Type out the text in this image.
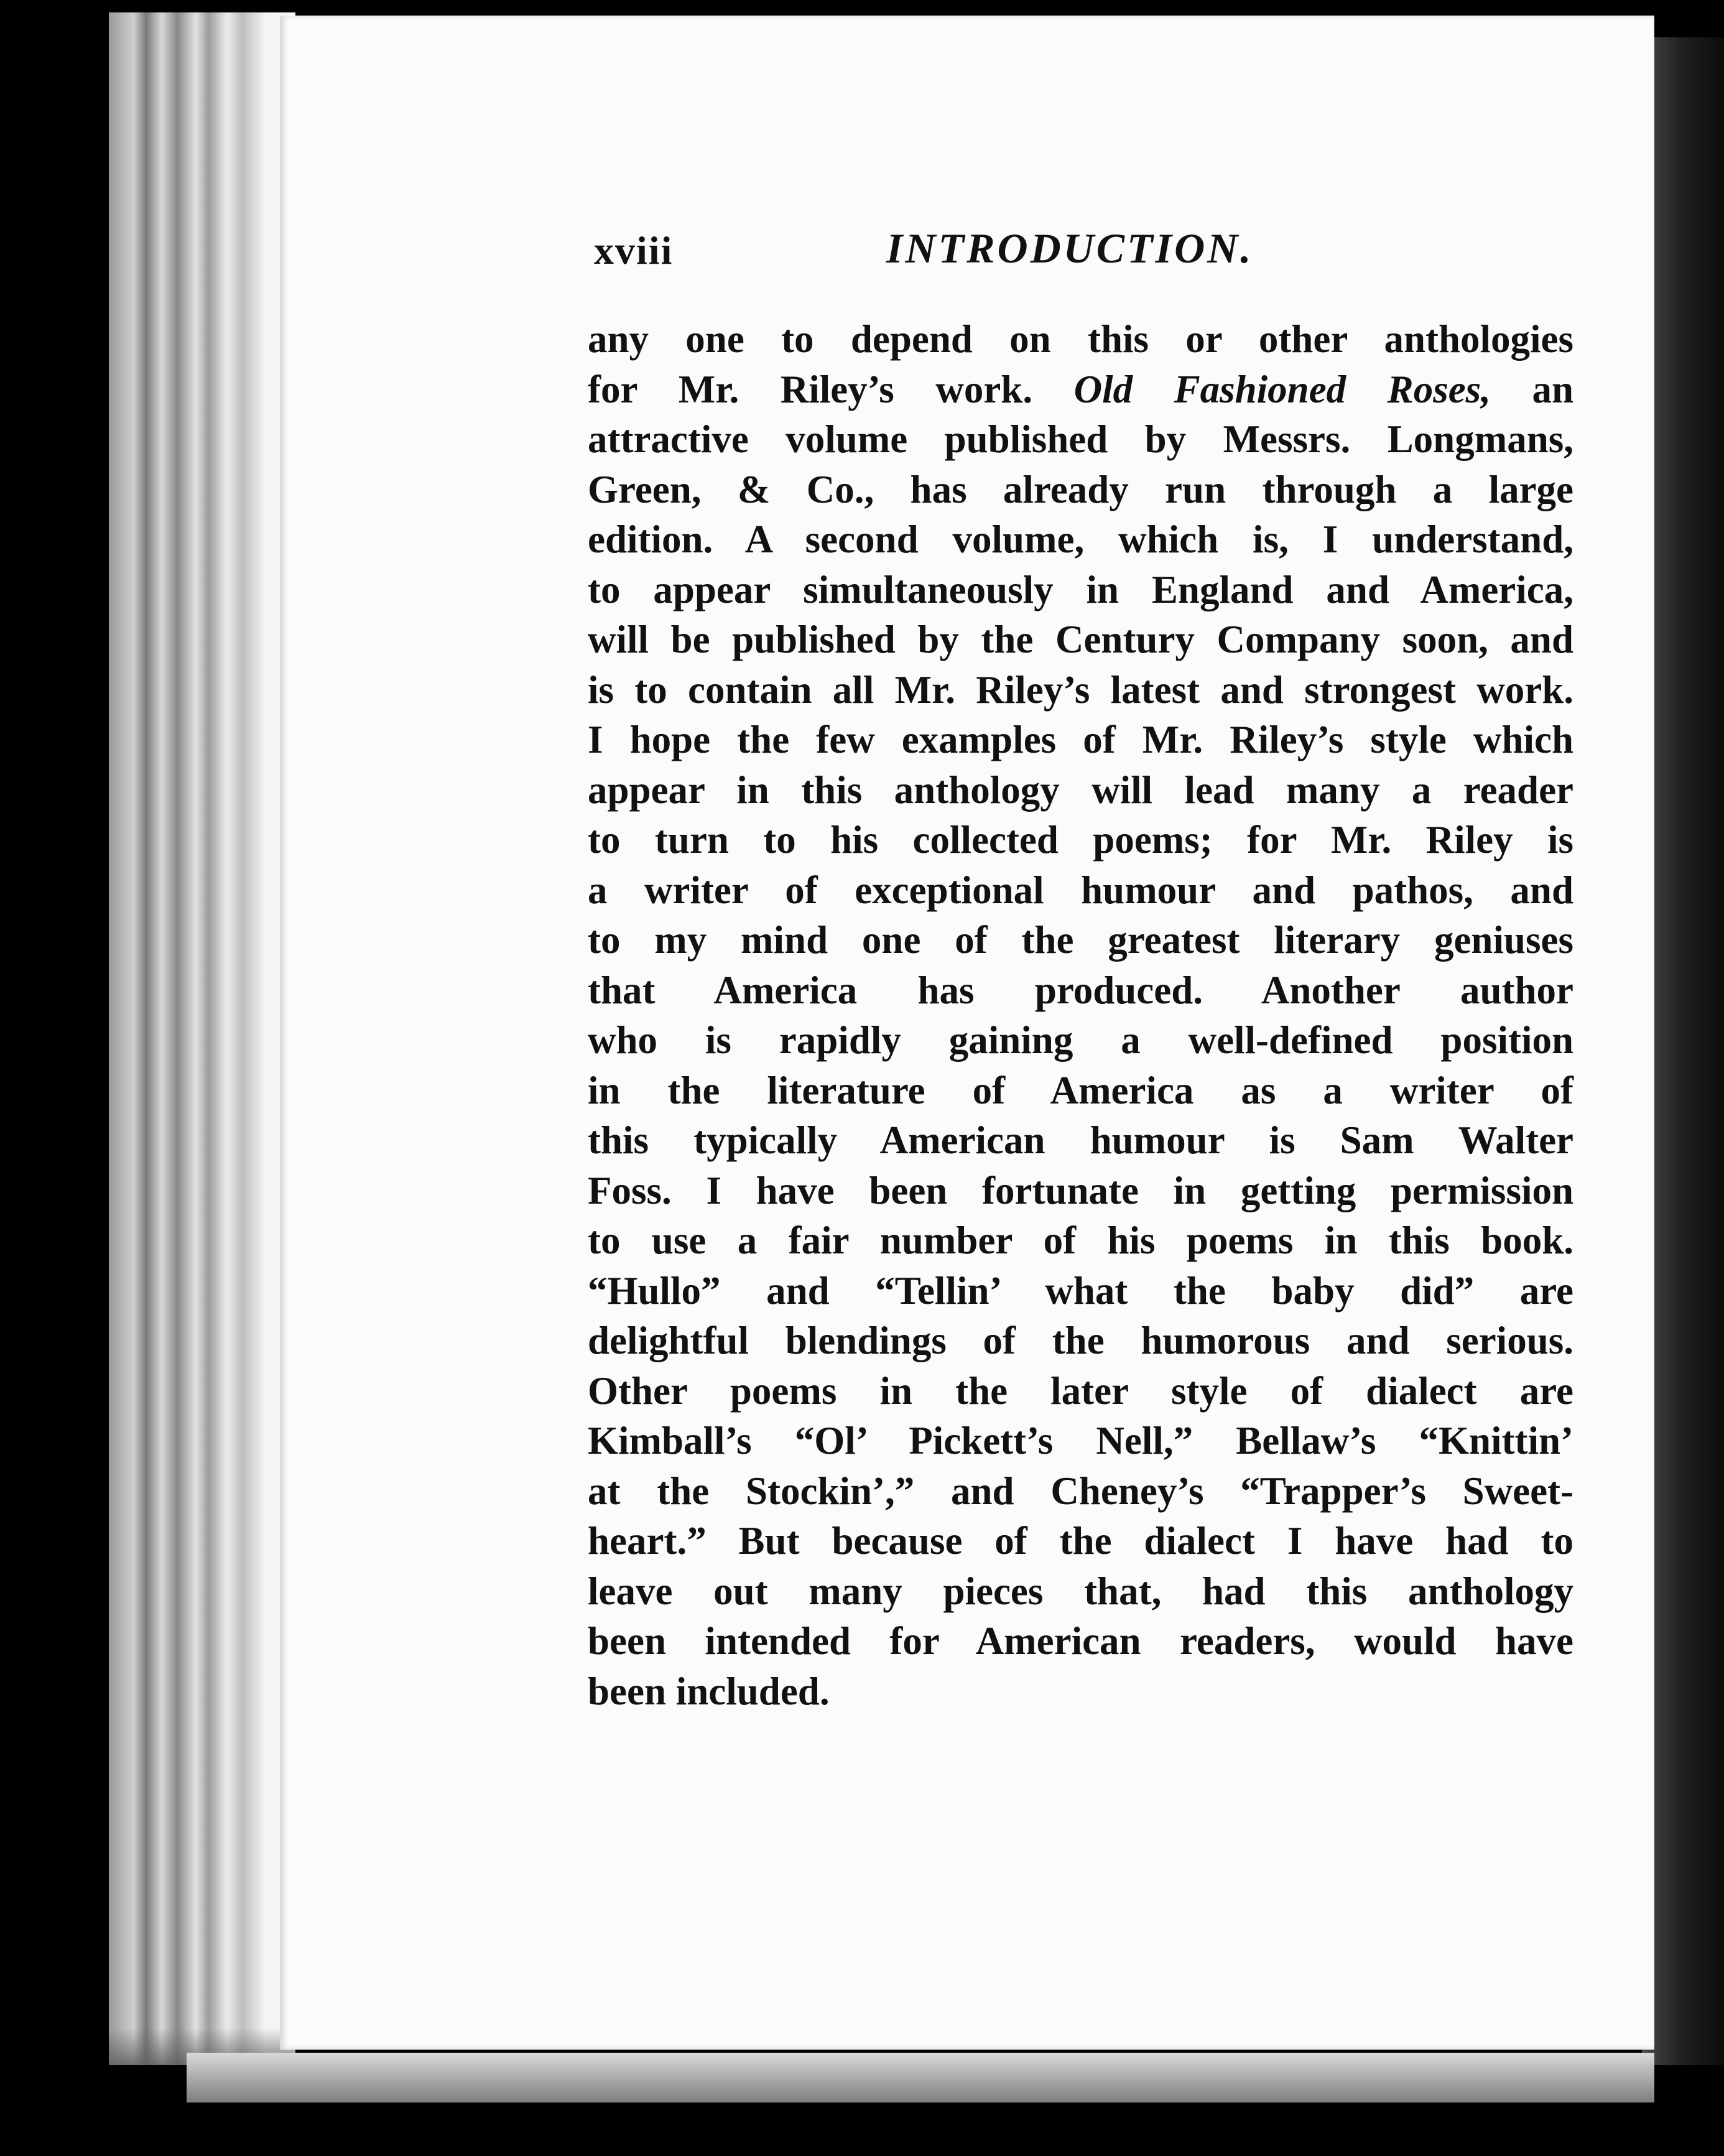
xviii	INTRODUCTION.
any one to depend on this or other anthologies
for Mr. Riley’s work. Old Fashioned Roses, an
attractive volume published by Messrs. Longmans,
Green, & Co., has already run through a large
edition. A second volume, which is, I understand,
to appear simultaneously in England and America,
will be published by the Century Company soon, and
is to contain all Mr. Riley’s latest and strongest work.
I hope the few examples of Mr. Riley’s style which
appear in this anthology will lead many a reader
to turn to his collected poems; for Mr. Riley is
a writer of exceptional humour and pathos, and
to my mind one of the greatest literary geniuses
that America has produced. Another author
who is rapidly gaining a well-defined position
in the literature of America as a writer of
this typically American humour is Sam Walter
Foss. I have been fortunate in getting permission
to use a fair number of his poems in this book.
“Hullo” and “Tellin’ what the baby did” are
delightful blendings of the humorous and serious.
Other poems in the later style of dialect are
Kimball’s “Ol’ Pickett’s Nell,” Bellaw’s “Knittin’
at the Stockin’,” and Cheney’s “Trapper’s Sweet-
heart.” But because of the dialect I have had to
leave out many pieces that, had this anthology
been intended for American readers, would have
been included.
